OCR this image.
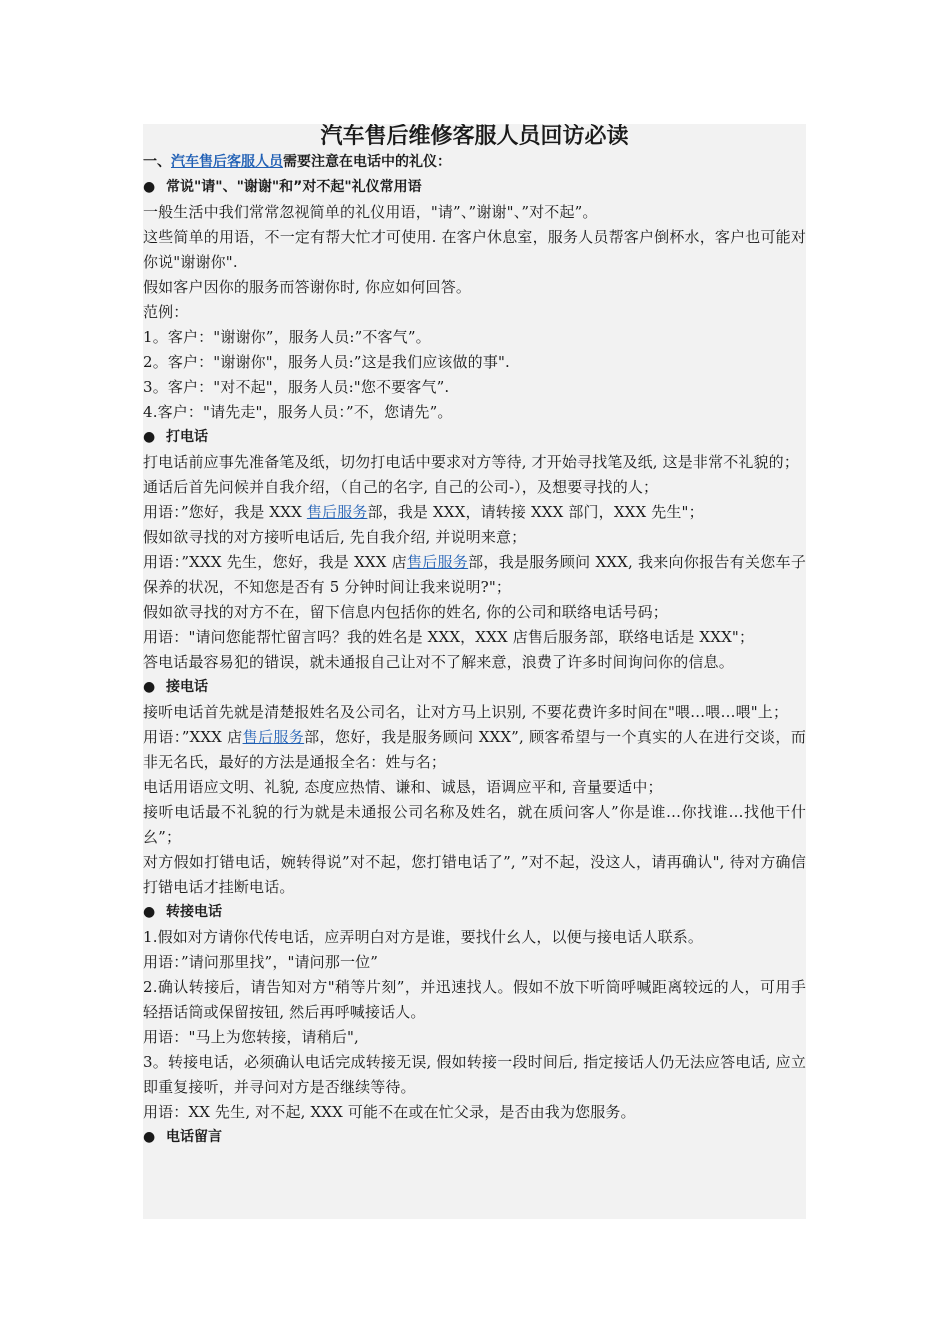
汽车售后维修客服人员回访必读

一、汽车售后客服人员需要注意在电话中的礼仪：

● 常说"请"、"谢谢"和”对不起"礼仪常用语

一般生活中我们常常忽视简单的礼仪用语，"请”、”谢谢"、”对不起”。

这些简单的用语，不一定有帮大忙才可使用. 在客户休息室，服务人员帮客户倒杯水，客户也可能对你说"谢谢你".

假如客户因你的服务而答谢你时, 你应如何回答。

范例：

1。客户："谢谢你”，服务人员:”不客气”。

2。客户："谢谢你"，服务人员:”这是我们应该做的事".

3。客户："对不起"，服务人员:"您不要客气”.

4.客户："请先走"，服务人员：”不，您请先”。

● 打电话

打电话前应事先准备笔及纸，切勿打电话中要求对方等待, 才开始寻找笔及纸, 这是非常不礼貌的；

通话后首先问候并自我介绍，（自己的名字, 自己的公司-），及想要寻找的人；

用语：”您好，我是 XXX 售后服务部，我是 XXX，请转接 XXX 部门，XXX 先生"；

假如欲寻找的对方接听电话后, 先自我介绍, 并说明来意；

用语：”XXX 先生，您好，我是 XXX 店售后服务部，我是服务顾问 XXX, 我来向你报告有关您车子保养的状况，不知您是否有 5 分钟时间让我来说明?"；

假如欲寻找的对方不在，留下信息内包括你的姓名, 你的公司和联络电话号码；

用语："请问您能帮忙留言吗？我的姓名是 XXX，XXX 店售后服务部，联络电话是 XXX"；

答电话最容易犯的错误，就未通报自己让对不了解来意，浪费了许多时间询问你的信息。

● 接电话

接听电话首先就是清楚报姓名及公司名，让对方马上识别, 不要花费许多时间在"喂…喂…喂"上；

用语：”XXX 店售后服务部，您好，我是服务顾问 XXX”, 顾客希望与一个真实的人在进行交谈，而非无名氏，最好的方法是通报全名：姓与名；

电话用语应文明、礼貌, 态度应热情、谦和、诚恳，语调应平和, 音量要适中；

接听电话最不礼貌的行为就是未通报公司名称及姓名，就在质问客人”你是谁…你找谁…找他干什幺”；

对方假如打错电话，婉转得说”对不起，您打错电话了”, ”对不起，没这人，请再确认", 待对方确信打错电话才挂断电话。

● 转接电话

1.假如对方请你代传电话，应弄明白对方是谁，要找什幺人，以便与接电话人联系。

用语：”请问那里找”，"请问那一位”

2.确认转接后，请告知对方"稍等片刻”，并迅速找人。假如不放下听筒呼喊距离较远的人，可用手轻捂话筒或保留按钮, 然后再呼喊接话人。

用语："马上为您转接，请稍后",

3。转接电话，必须确认电话完成转接无误, 假如转接一段时间后, 指定接话人仍无法应答电话, 应立即重复接听，并寻问对方是否继续等待。

用语：XX 先生, 对不起, XXX 可能不在或在忙父录，是否由我为您服务。

● 电话留言
